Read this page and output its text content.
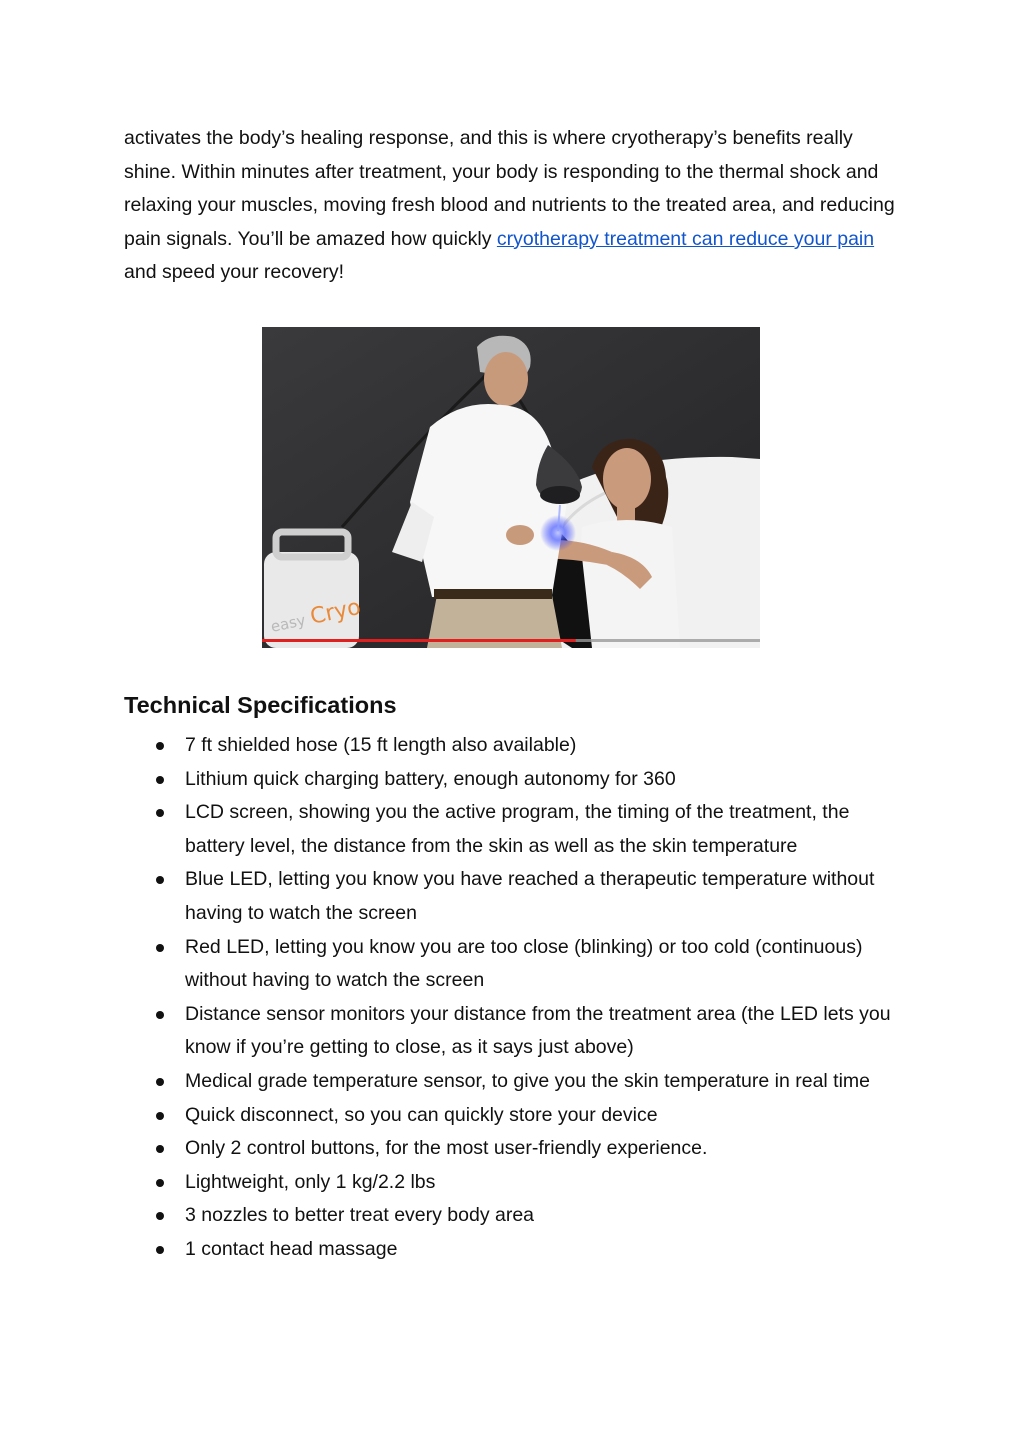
activates the body’s healing response, and this is where cryotherapy’s benefits really shine. Within minutes after treatment, your body is responding to the thermal shock and relaxing your muscles, moving fresh blood and nutrients to the treated area, and reducing pain signals. You’ll be amazed how quickly cryotherapy treatment can reduce your pain and speed your recovery!

easy Cryo
Technical Specifications
7 ft shielded hose (15 ft length also available)
Lithium quick charging battery, enough autonomy for 360
LCD screen, showing you the active program, the timing of the treatment, the battery level, the distance from the skin as well as the skin temperature
Blue LED, letting you know you have reached a therapeutic temperature without having to watch the screen
Red LED, letting you know you are too close (blinking) or too cold (continuous) without having to watch the screen
Distance sensor monitors your distance from the treatment area (the LED lets you know if you’re getting to close, as it says just above)
Medical grade temperature sensor, to give you the skin temperature in real time
Quick disconnect, so you can quickly store your device
Only 2 control buttons, for the most user-friendly experience.
Lightweight, only 1 kg/2.2 lbs
3 nozzles to better treat every body area
1 contact head massage
